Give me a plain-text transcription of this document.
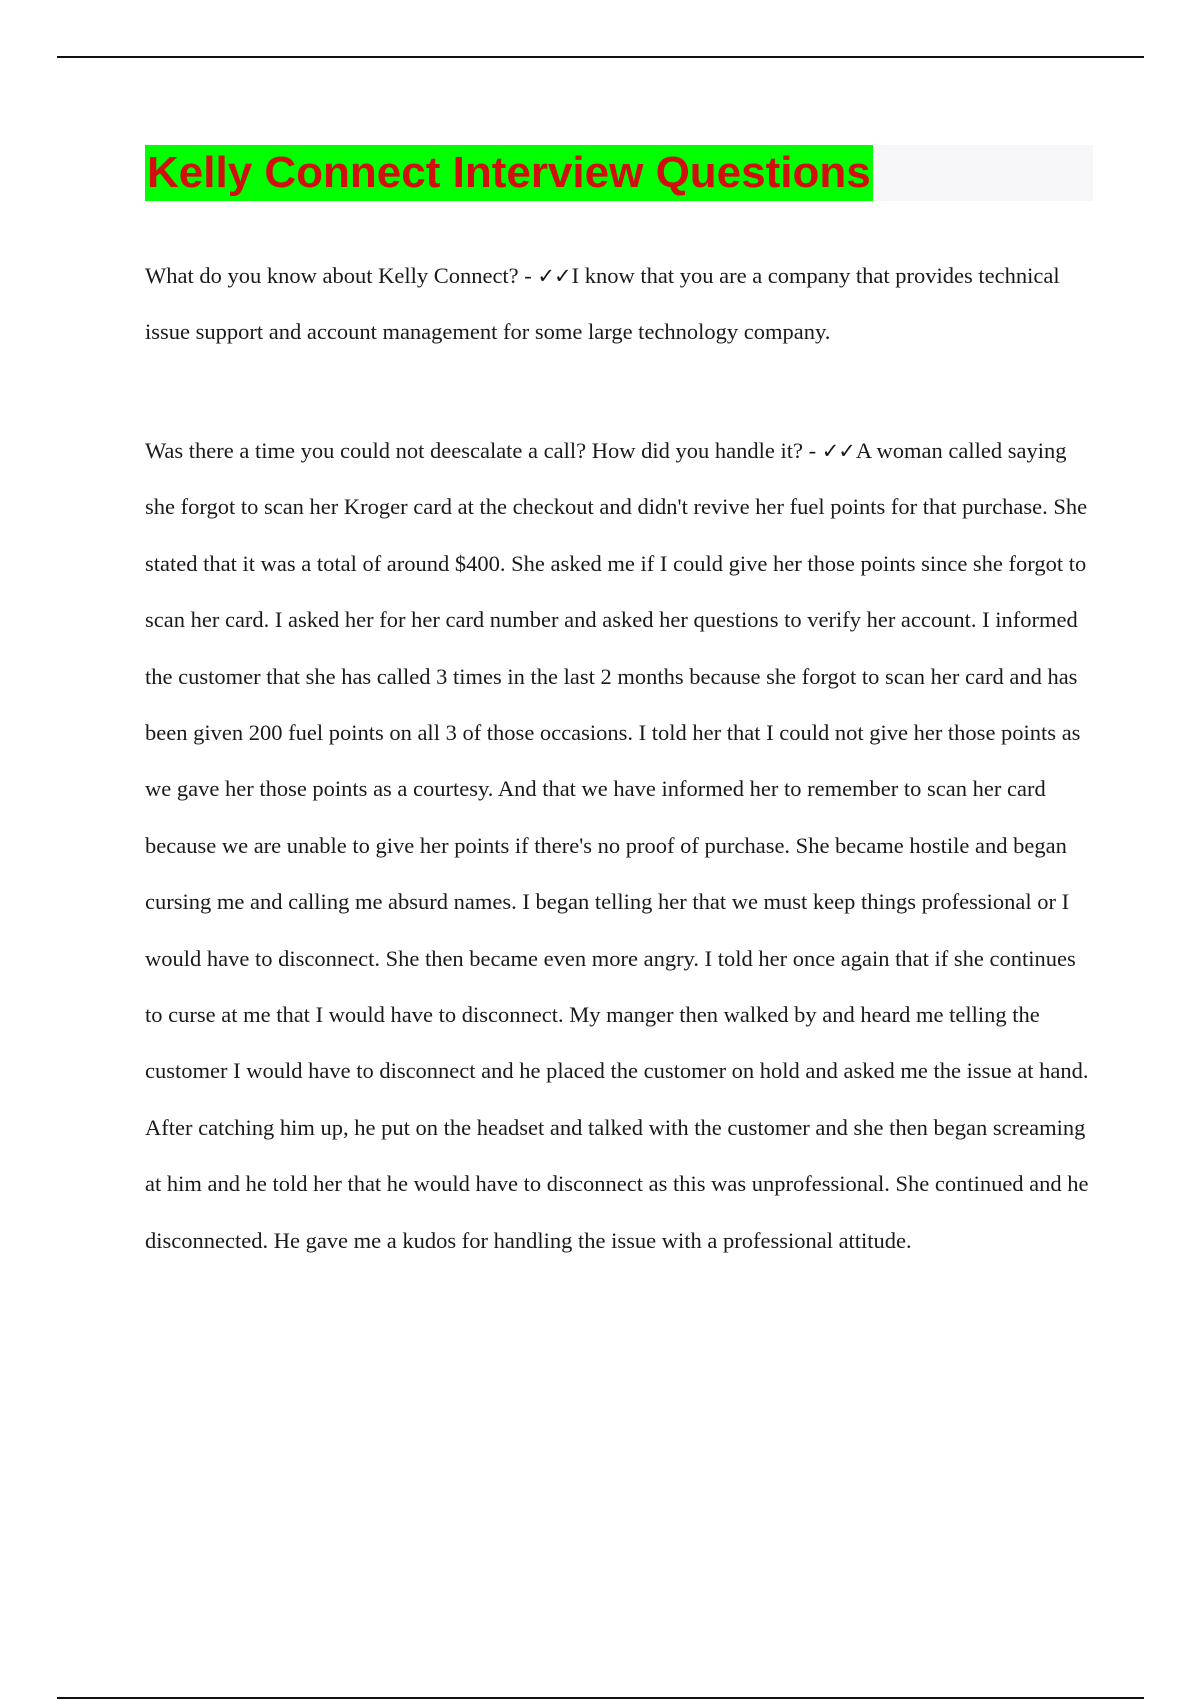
Kelly Connect Interview Questions

What do you know about Kelly Connect? - ✓✓I know that you are a company that provides technical issue support and account management for some large technology company.

Was there a time you could not deescalate a call? How did you handle it? - ✓✓A woman called saying she forgot to scan her Kroger card at the checkout and didn't revive her fuel points for that purchase. She stated that it was a total of around $400. She asked me if I could give her those points since she forgot to scan her card. I asked her for her card number and asked her questions to verify her account. I informed the customer that she has called 3 times in the last 2 months because she forgot to scan her card and has been given 200 fuel points on all 3 of those occasions. I told her that I could not give her those points as we gave her those points as a courtesy. And that we have informed her to remember to scan her card because we are unable to give her points if there's no proof of purchase. She became hostile and began cursing me and calling me absurd names. I began telling her that we must keep things professional or I would have to disconnect. She then became even more angry. I told her once again that if she continues to curse at me that I would have to disconnect. My manger then walked by and heard me telling the customer I would have to disconnect and he placed the customer on hold and asked me the issue at hand. After catching him up, he put on the headset and talked with the customer and she then began screaming at him and he told her that he would have to disconnect as this was unprofessional. She continued and he disconnected. He gave me a kudos for handling the issue with a professional attitude.
